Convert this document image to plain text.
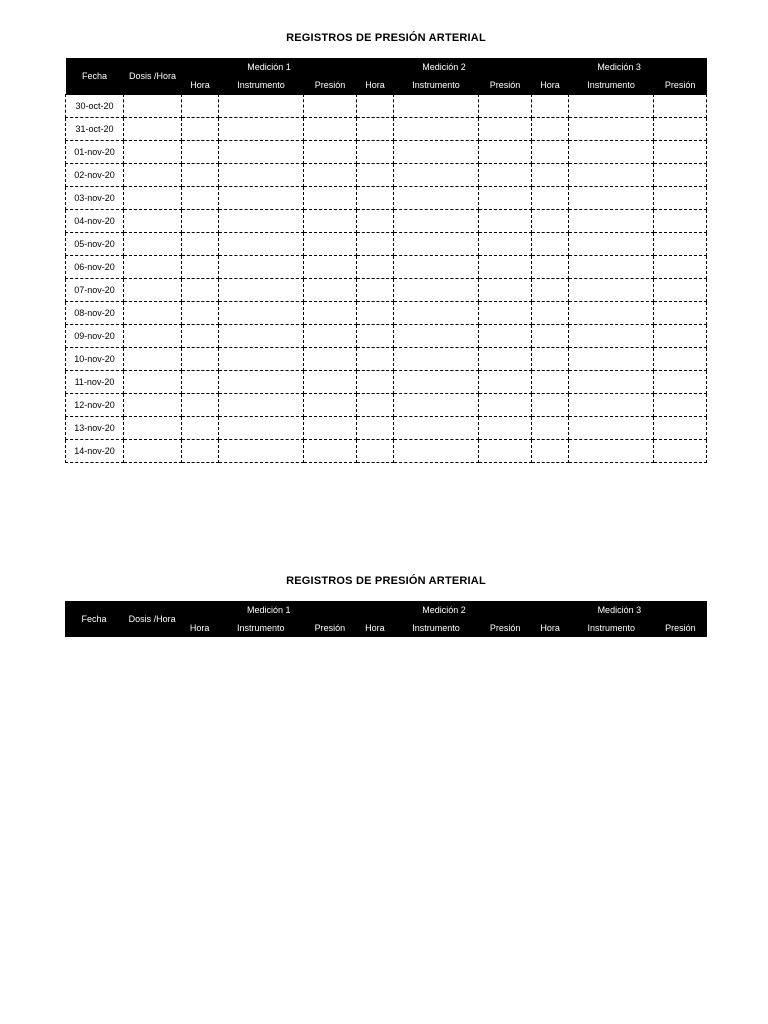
REGISTROS DE PRESIÓN ARTERIAL
Fecha	Dosis /Hora	Medición 1			Medición 2			Medición 3		
		Hora	Instrumento	Presión	Hora	Instrumento	Presión	Hora	Instrumento	Presión
30-oct-20										
31-oct-20										
01-nov-20										
02-nov-20										
03-nov-20										
04-nov-20										
05-nov-20										
06-nov-20										
07-nov-20										
08-nov-20										
09-nov-20										
10-nov-20										
11-nov-20										
12-nov-20										
13-nov-20										
14-nov-20										
REGISTROS DE PRESIÓN ARTERIAL
Fecha	Dosis /Hora	Medición 1			Medición 2			Medición 3		
		Hora	Instrumento	Presión	Hora	Instrumento	Presión	Hora	Instrumento	Presión
